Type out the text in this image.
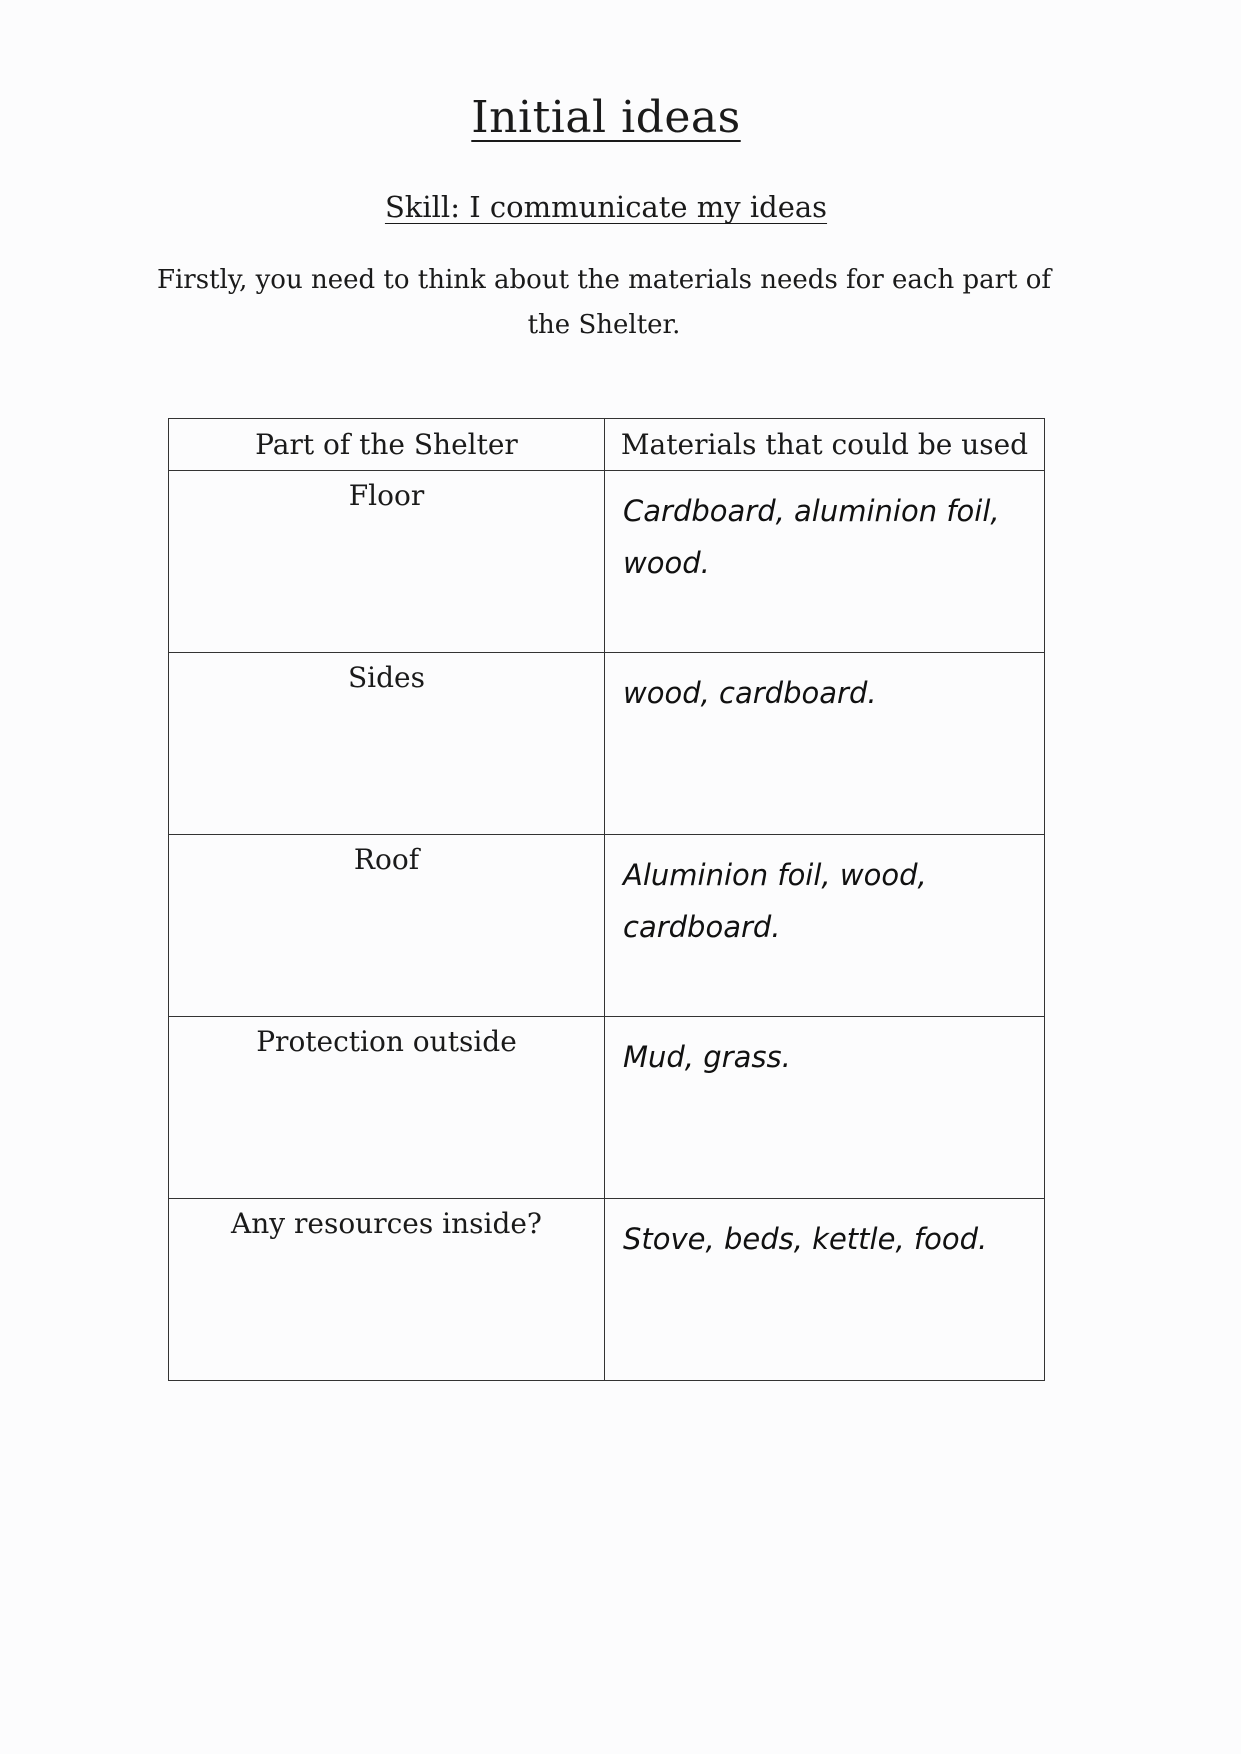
Initial ideas
Skill: I communicate my ideas
Firstly, you need to think about the materials needs for each part of the Shelter.
Part of the Shelter	Materials that could be used
Floor	Cardboard, aluminion foil, wood.
Sides	wood, cardboard.
Roof	Aluminion foil, wood, cardboard.
Protection outside	Mud, grass.
Any resources inside?	Stove, beds, kettle, food.
